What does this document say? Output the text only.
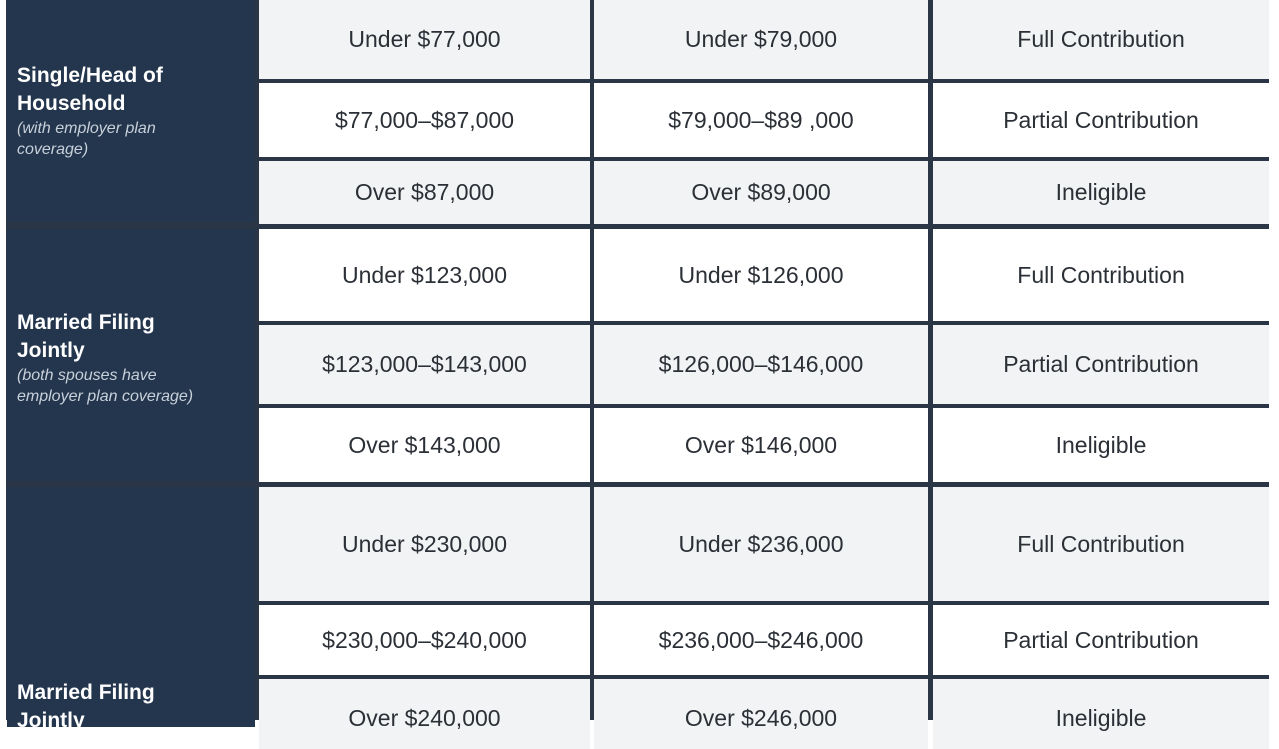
Single/Head of
Household
(with employer plan
coverage)
Under $77,000	Under $79,000	Full Contribution
$77,000–$87,000	$79,000–$89 ,000	Partial Contribution
Over $87,000	Over $89,000	Ineligible
Married Filing
Jointly
(both spouses have
employer plan coverage)
Under $123,000	Under $126,000	Full Contribution
$123,000–$143,000	$126,000–$146,000	Partial Contribution
Over $143,000	Over $146,000	Ineligible
Married Filing
Jointly
Under $230,000	Under $236,000	Full Contribution
$230,000–$240,000	$236,000–$246,000	Partial Contribution
Over $240,000	Over $246,000	Ineligible
